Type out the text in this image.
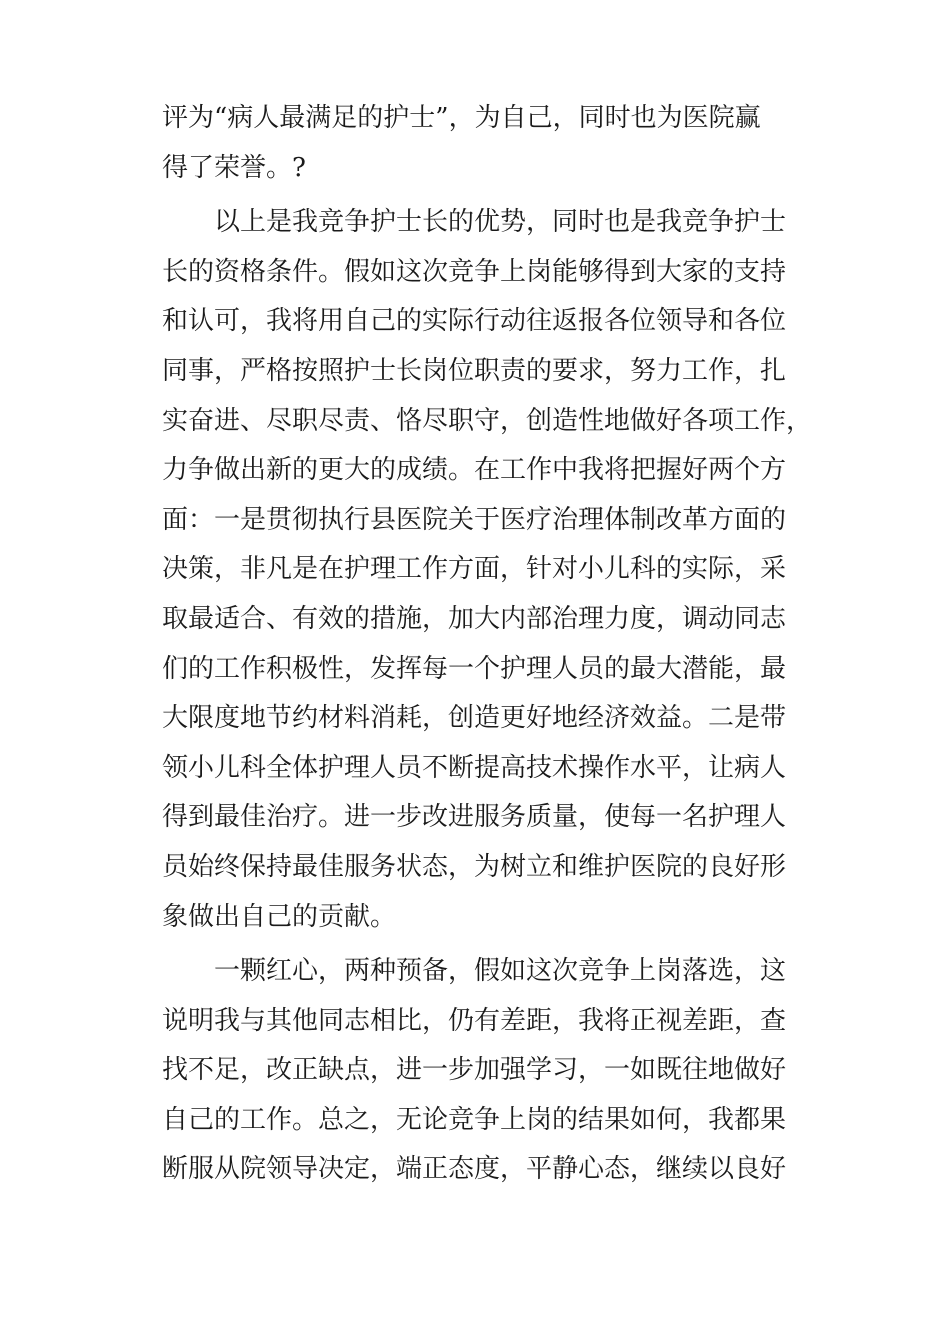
评为“病人最满足的护士”，为自己，同时也为医院赢
得了荣誉。?
以上是我竞争护士长的优势，同时也是我竞争护士
长的资格条件。假如这次竞争上岗能够得到大家的支持
和认可，我将用自己的实际行动往返报各位领导和各位
同事，严格按照护士长岗位职责的要求，努力工作，扎
实奋进、尽职尽责、恪尽职守，创造性地做好各项工作，
力争做出新的更大的成绩。在工作中我将把握好两个方
面：一是贯彻执行县医院关于医疗治理体制改革方面的
决策，非凡是在护理工作方面，针对小儿科的实际，采
取最适合、有效的措施，加大内部治理力度，调动同志
们的工作积极性，发挥每一个护理人员的最大潜能，最
大限度地节约材料消耗，创造更好地经济效益。二是带
领小儿科全体护理人员不断提高技术操作水平，让病人
得到最佳治疗。进一步改进服务质量，使每一名护理人
员始终保持最佳服务状态，为树立和维护医院的良好形
象做出自己的贡献。
一颗红心，两种预备，假如这次竞争上岗落选，这
说明我与其他同志相比，仍有差距，我将正视差距，查
找不足，改正缺点，进一步加强学习，一如既往地做好
自己的工作。总之，无论竞争上岗的结果如何，我都果
断服从院领导决定，端正态度，平静心态，继续以良好
